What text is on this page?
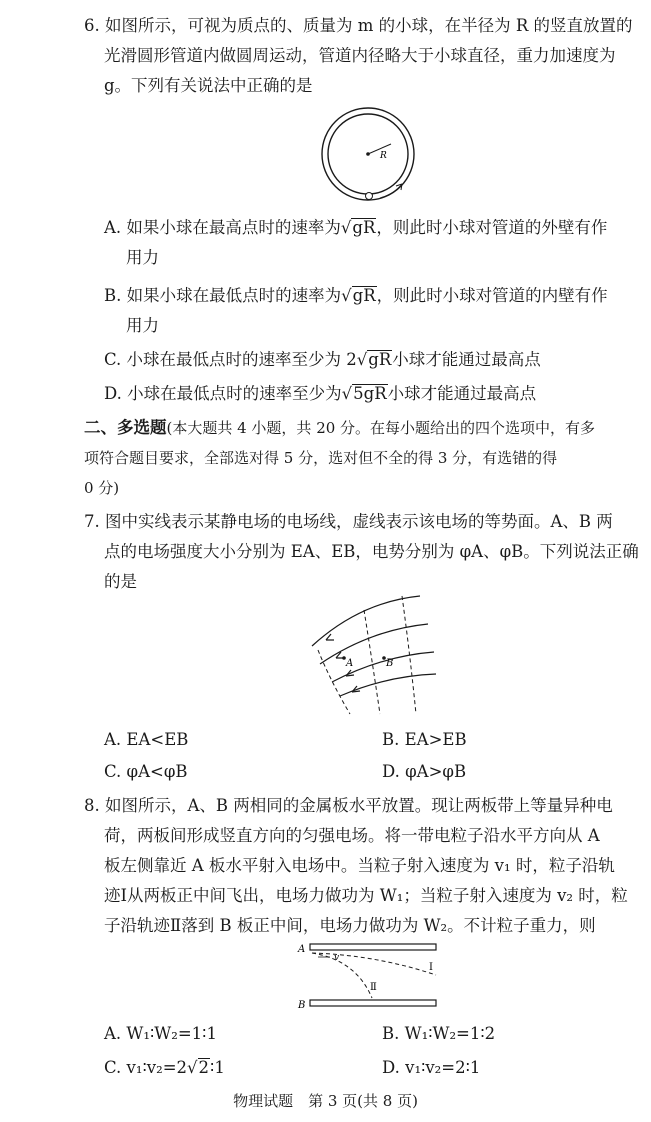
6. 如图所示，可视为质点的、质量为 m 的小球，在半径为 R 的竖直放置的
光滑圆形管道内做圆周运动，管道内径略大于小球直径，重力加速度为
g。下列有关说法中正确的是
R
A. 如果小球在最高点时的速率为√gR，则此时小球对管道的外壁有作
用力
B. 如果小球在最低点时的速率为√gR，则此时小球对管道的内壁有作
用力
C. 小球在最低点时的速率至少为 2√gR小球才能通过最高点
D. 小球在最低点时的速率至少为√5gR小球才能通过最高点
二、多选题(本大题共 4 小题，共 20 分。在每小题给出的四个选项中，有多
项符合题目要求，全部选对得 5 分，选对但不全的得 3 分，有选错的得
0 分)
7. 图中实线表示某静电场的电场线，虚线表示该电场的等势面。A、B 两
点的电场强度大小分别为 EA、EB，电势分别为 φA、φB。下列说法正确
的是
A	B
A. EA<EB	B. EA>EB
C. φA<φB	D. φA>φB
8. 如图所示，A、B 两相同的金属板水平放置。现让两板带上等量异种电
荷，两板间形成竖直方向的匀强电场。将一带电粒子沿水平方向从 A
板左侧靠近 A 板水平射入电场中。当粒子射入速度为 v₁ 时，粒子沿轨
迹Ⅰ从两板正中间飞出，电场力做功为 W₁；当粒子射入速度为 v₂ 时，粒
子沿轨迹Ⅱ落到 B 板正中间，电场力做功为 W₂。不计粒子重力，则
A
B
v
Ⅰ
Ⅱ
A. W₁∶W₂=1∶1	B. W₁∶W₂=1∶2
C. v₁∶v₂=2√2∶1	D. v₁∶v₂=2∶1
物理试题　第 3 页(共 8 页)
